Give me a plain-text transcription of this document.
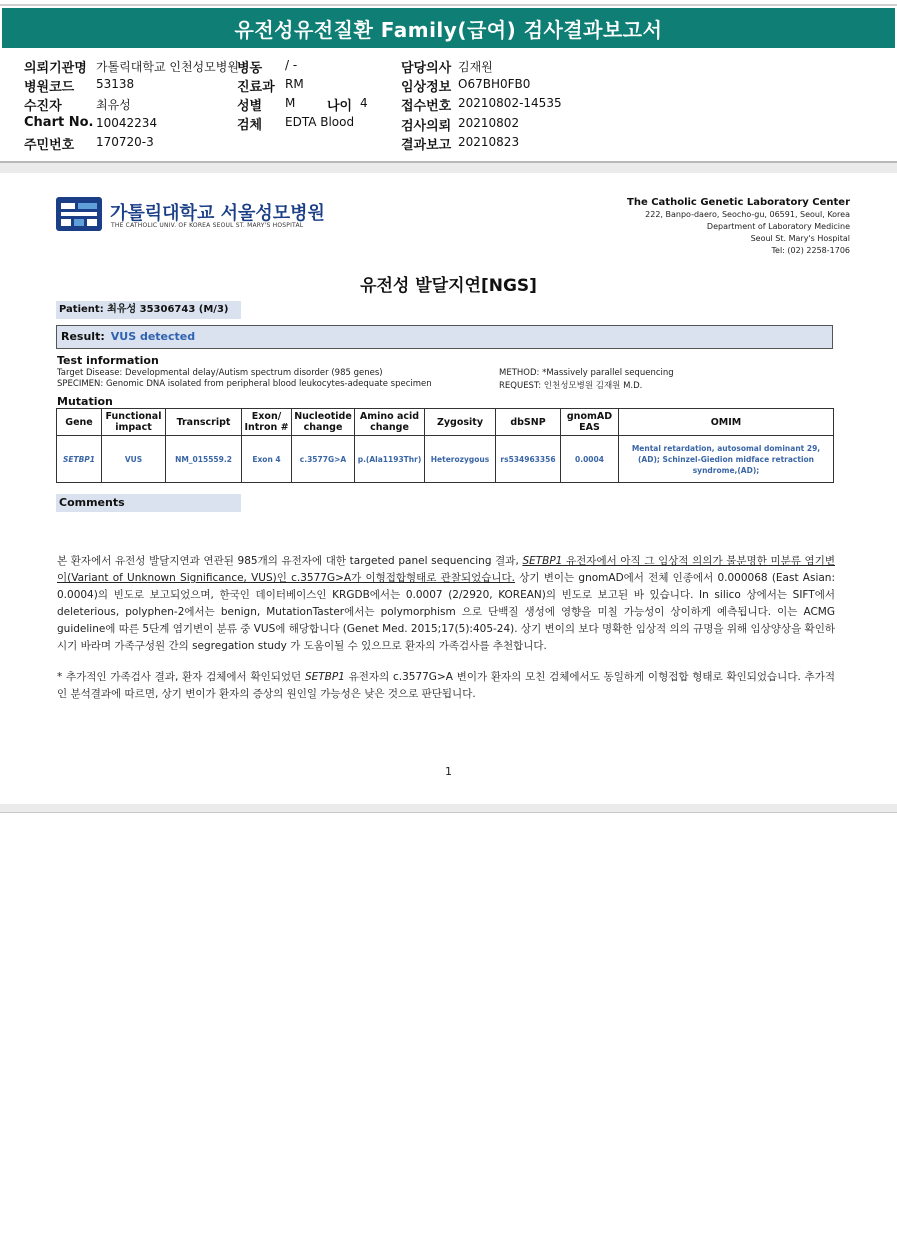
유전성유전질환 Family(급여) 검사결과보고서
의뢰기관명 가톨릭대학교 인천성모병원
병동 / -	담당의사 김재원
병원코드 53138	진료과 RM	임상정보 O67BH0FB0
수진자	최유성	성별 M 나이 4	접수번호 20210802-14535
Chart No. 10042234	검체 EDTA Blood	검사의뢰 20210802
주민번호 170720-3	결과보고 20210823
가톨릭대학교 서울성모병원
THE CATHOLIC UNIV. OF KOREA SEOUL ST. MARY'S HOSPITAL
The Catholic Genetic Laboratory Center
222, Banpo-daero, Seocho-gu, 06591, Seoul, Korea
Department of Laboratory Medicine
Seoul St. Mary's Hospital
Tel: (02) 2258-1706
유전성 발달지연[NGS]
Patient: 최유성 35306743 (M/3)
Result: VUS detected
Test information
Target Disease: Developmental delay/Autism spectrum disorder (985 genes)
SPECIMEN: Genomic DNA isolated from peripheral blood leukocytes-adequate specimen
METHOD: *Massively parallel sequencing
REQUEST: 인천성모병원 김재원 M.D.
Mutation
Gene	Functional impact	Transcript	Exon/ Intron #	Nucleotide change	Amino acid change	Zygosity	dbSNP	gnomAD EAS	OMIM
SETBP1	VUS	NM_015559.2	Exon 4	c.3577G>A	p.(Ala1193Thr)	Heterozygous	rs534963356	0.0004	Mental retardation, autosomal dominant 29,(AD); Schinzel-Giedion midface retraction syndrome,(AD);
Comments
본 환자에서 유전성 발달지연과 연관된 985개의 유전자에 대한 targeted panel sequencing 결과, SETBP1 유전자에서 아직 그 임상적 의의가 불분명한 미분류 염기변이(Variant of Unknown Significance, VUS)인 c.3577G>A가 이형접합형태로 관찰되었습니다. 상기 변이는 gnomAD에서 전체 인종에서 0.000068 (East Asian: 0.0004)의 빈도로 보고되었으며, 한국인 데이터베이스인 KRGDB에서는 0.0007 (2/2920, KOREAN)의 빈도로 보고된 바 있습니다. In silico 상에서는 SIFT에서 deleterious, polyphen-2에서는 benign, MutationTaster에서는 polymorphism 으로 단백질 생성에 영향을 미칠 가능성이 상이하게 예측됩니다. 이는 ACMG guideline에 따른 5단계 염기변이 분류 중 VUS에 해당합니다 (Genet Med. 2015;17(5):405-24). 상기 변이의 보다 명확한 임상적 의의 규명을 위해 임상양상을 확인하시기 바라며 가족구성원 간의 segregation study 가 도움이될 수 있으므로 환자의 가족검사를 추천합니다.
* 추가적인 가족검사 결과, 환자 검체에서 확인되었던 SETBP1 유전자의 c.3577G>A 변이가 환자의 모친 검체에서도 동일하게 이형접합 형태로 확인되었습니다. 추가적인 분석결과에 따르면, 상기 변이가 환자의 증상의 원인일 가능성은 낮은 것으로 판단됩니다.
1
